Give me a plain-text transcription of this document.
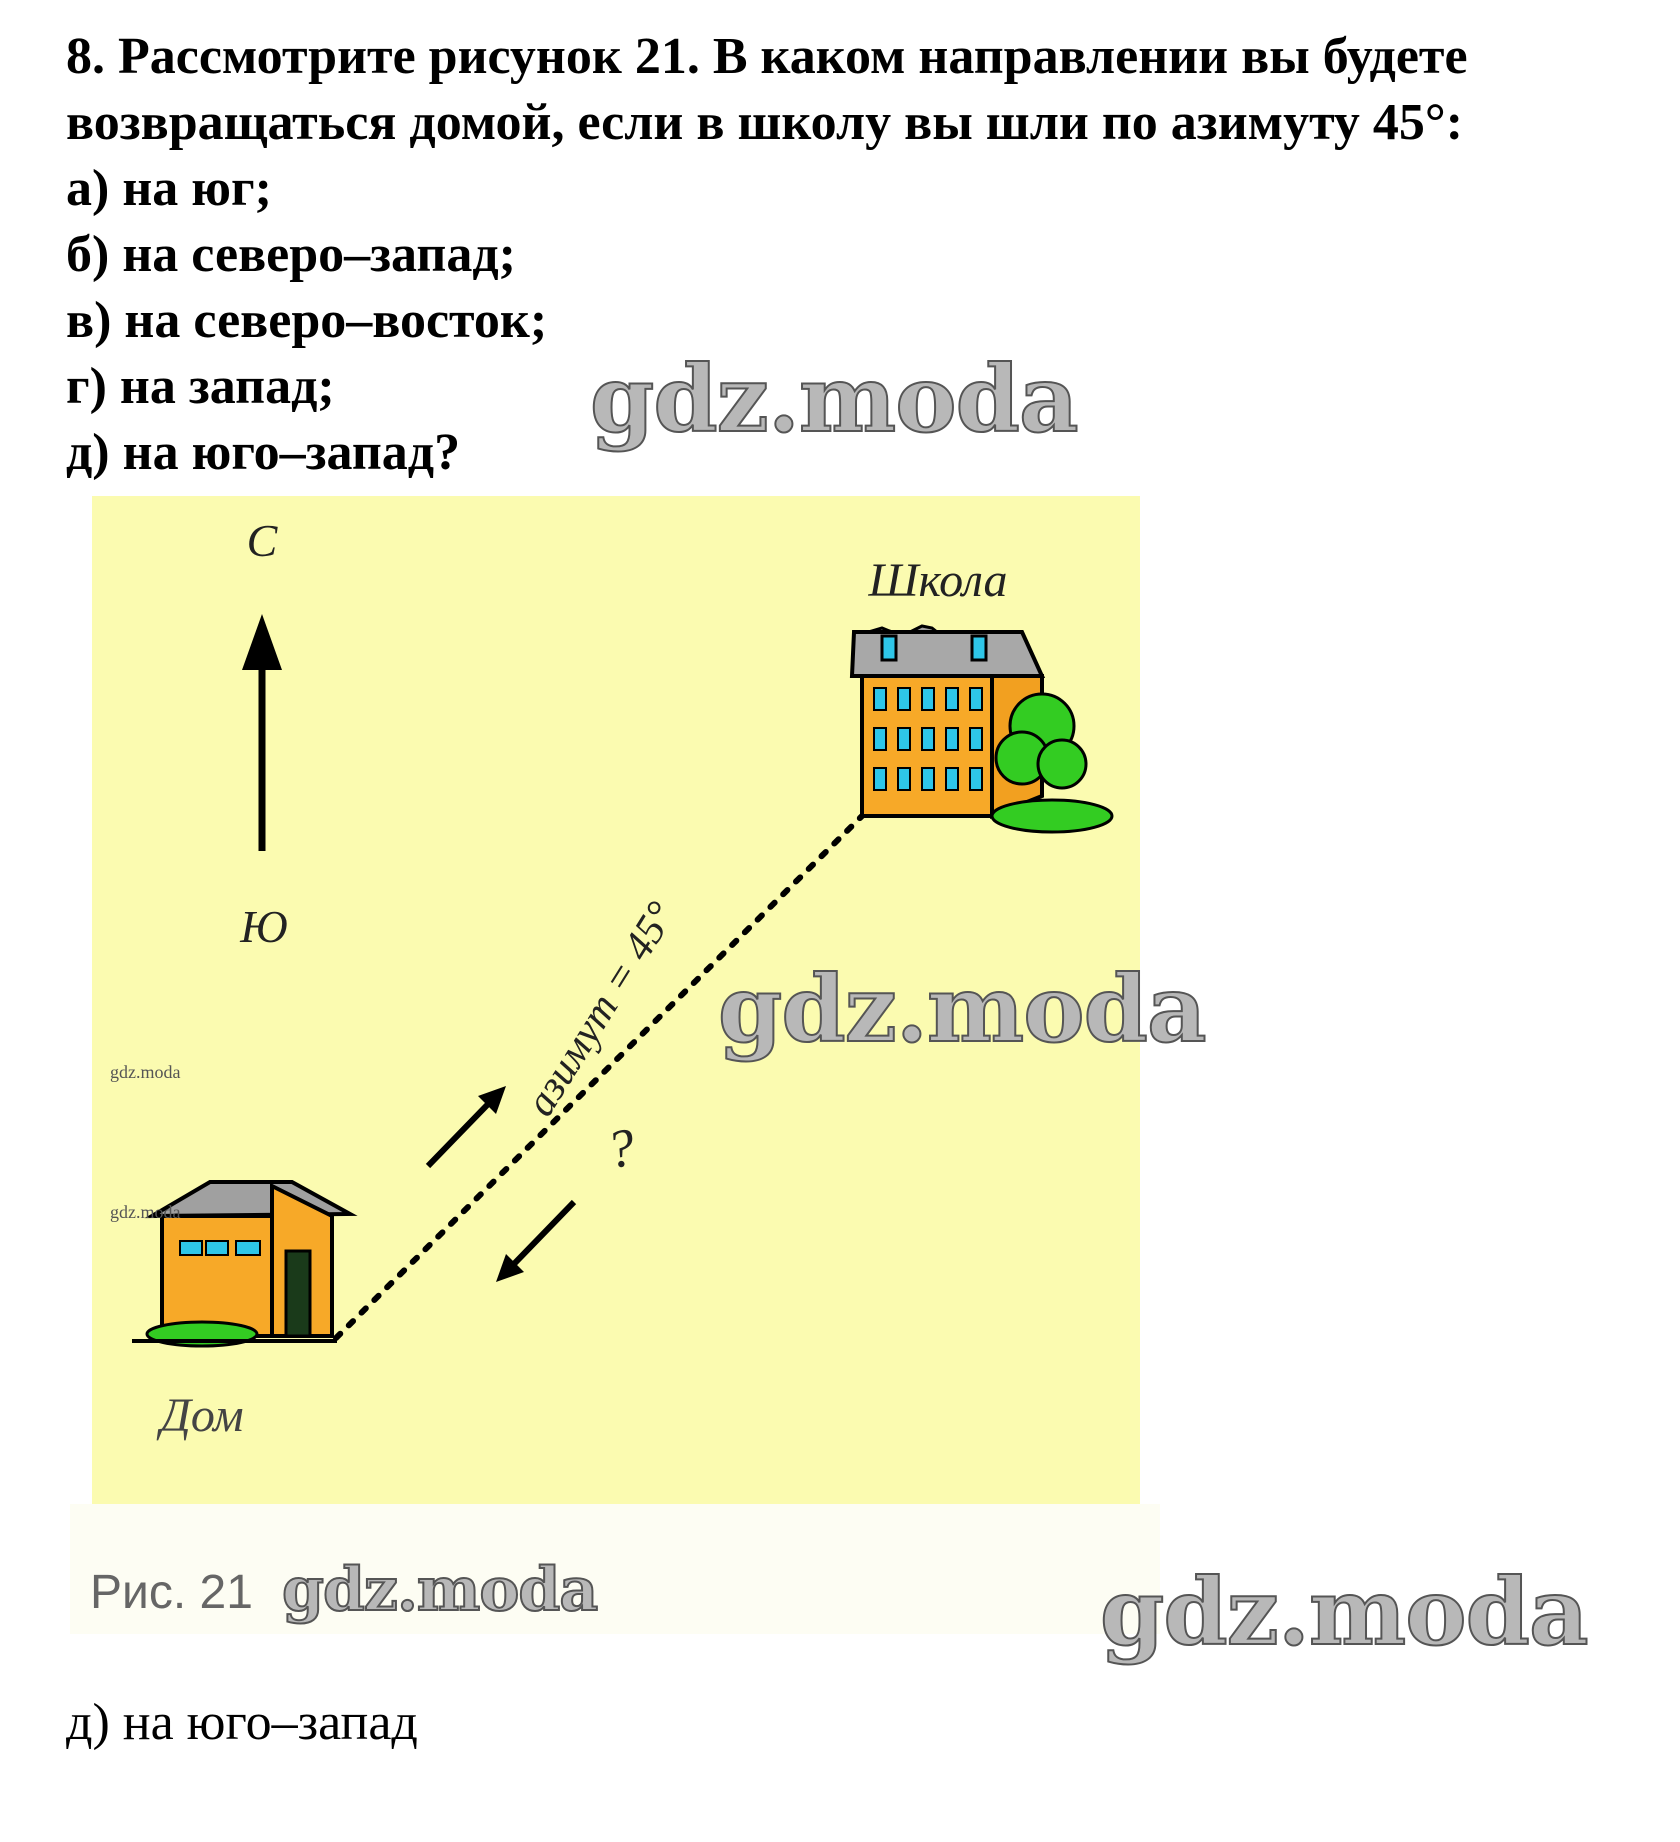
8. Рассмотрите рисунок 21. В каком направлении вы будете
возвращаться домой, если в школу вы шли по азимуту 45°:
а) на юг;
б) на северо–запад;
в) на северо–восток;
г) на запад;
д) на юго–запад?
С
Ю
?
азимут = 45°
Школа
Дом
Рис. 21
gdz.moda
gdz.moda
gdz.moda	gdz.moda
gdz.moda
gdz.moda
д) на юго–запад
